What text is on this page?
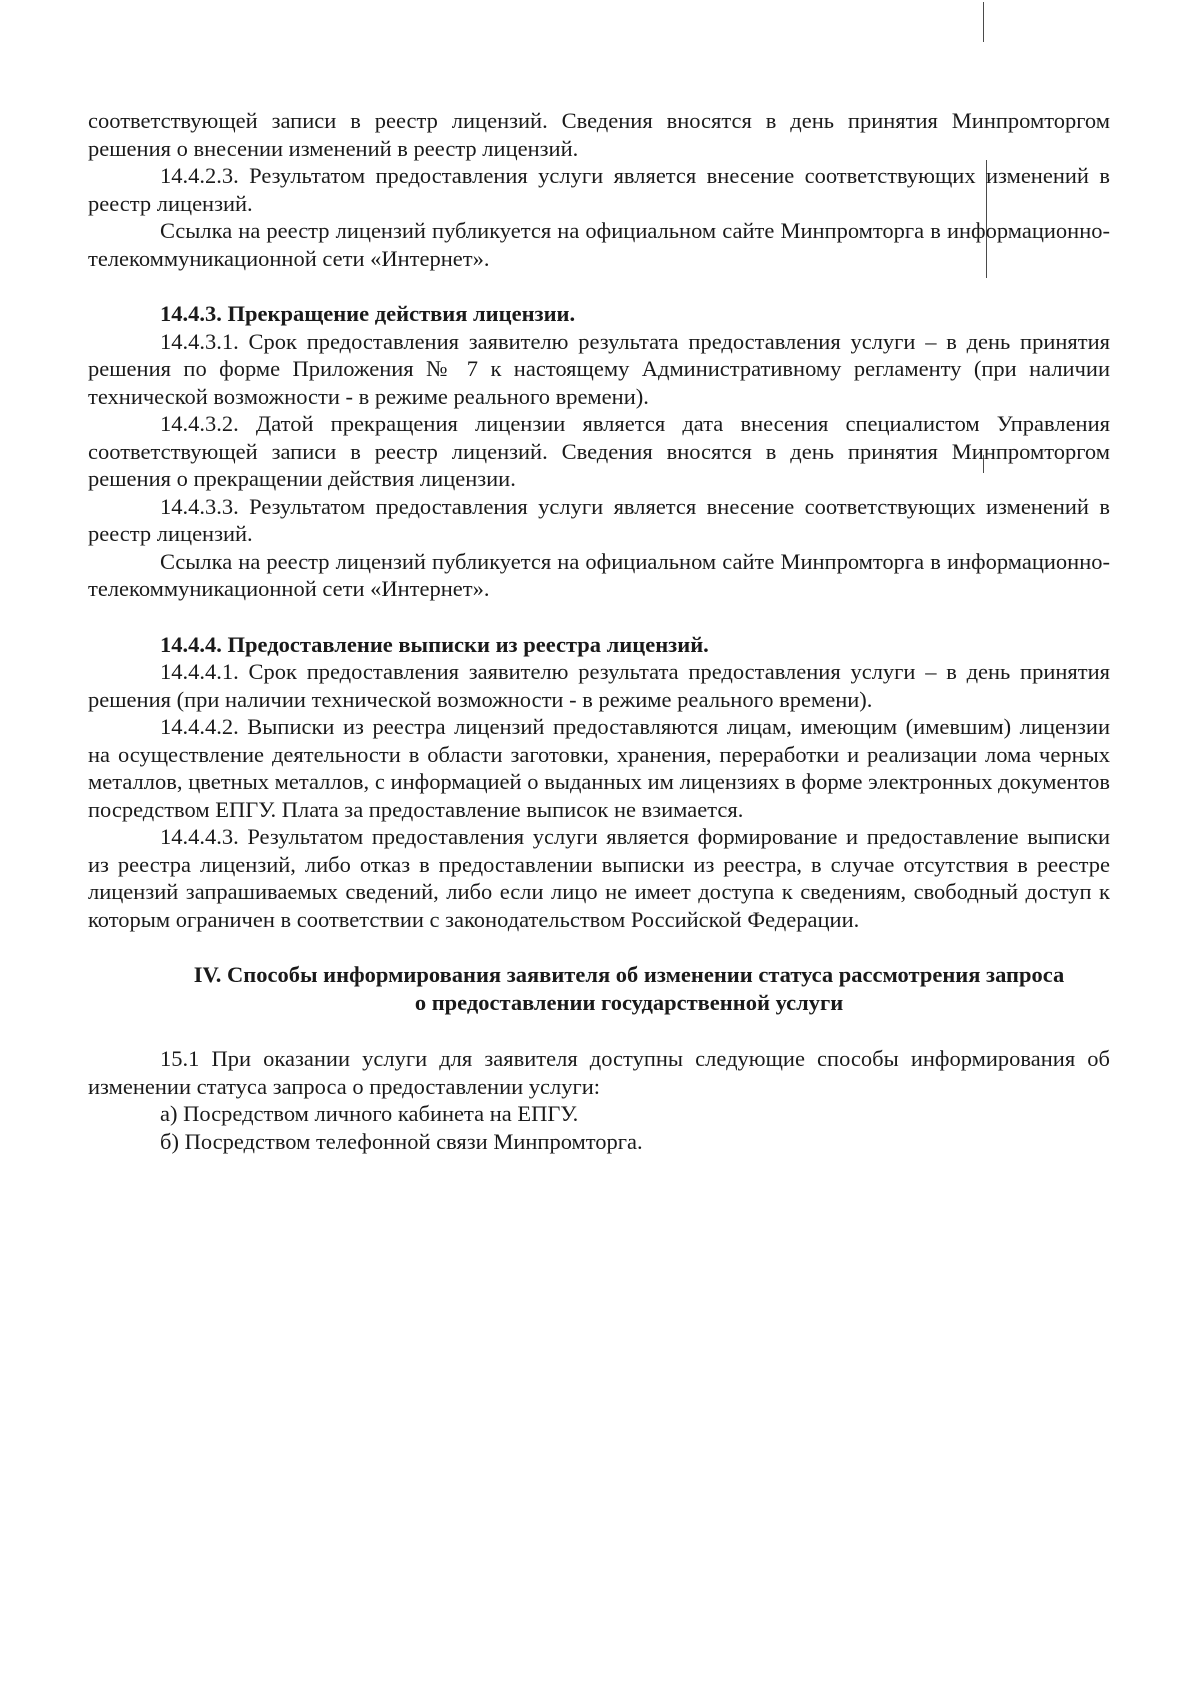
соответствующей записи в реестр лицензий. Сведения вносятся в день принятия Минпромторгом решения о внесении изменений в реестр лицензий.

14.4.2.3. Результатом предоставления услуги является внесение соответствующих изменений в реестр лицензий.

Ссылка на реестр лицензий публикуется на официальном сайте Минпромторга в информационно-телекоммуникационной сети «Интернет».

14.4.3. Прекращение действия лицензии.

14.4.3.1. Срок предоставления заявителю результата предоставления услуги – в день принятия решения по форме Приложения № 7 к настоящему Административному регламенту (при наличии технической возможности - в режиме реального времени).

14.4.3.2. Датой прекращения лицензии является дата внесения специалистом Управления соответствующей записи в реестр лицензий. Сведения вносятся в день принятия Минпромторгом решения о прекращении действия лицензии.

14.4.3.3. Результатом предоставления услуги является внесение соответствующих изменений в реестр лицензий.

Ссылка на реестр лицензий публикуется на официальном сайте Минпромторга в информационно-телекоммуникационной сети «Интернет».

14.4.4. Предоставление выписки из реестра лицензий.

14.4.4.1. Срок предоставления заявителю результата предоставления услуги – в день принятия решения (при наличии технической возможности - в режиме реального времени).

14.4.4.2. Выписки из реестра лицензий предоставляются лицам, имеющим (имевшим) лицензии на осуществление деятельности в области заготовки, хранения, переработки и реализации лома черных металлов, цветных металлов, с информацией о выданных им лицензиях в форме электронных документов посредством ЕПГУ. Плата за предоставление выписок не взимается.

14.4.4.3. Результатом предоставления услуги является формирование и предоставление выписки из реестра лицензий, либо отказ в предоставлении выписки из реестра, в случае отсутствия в реестре лицензий запрашиваемых сведений, либо если лицо не имеет доступа к сведениям, свободный доступ к которым ограничен в соответствии с законодательством Российской Федерации.

IV. Способы информирования заявителя об изменении статуса рассмотрения запроса
о предоставлении государственной услуги

15.1 При оказании услуги для заявителя доступны следующие способы информирования об изменении статуса запроса о предоставлении услуги:

а) Посредством личного кабинета на ЕПГУ.

б) Посредством телефонной связи Минпромторга.
